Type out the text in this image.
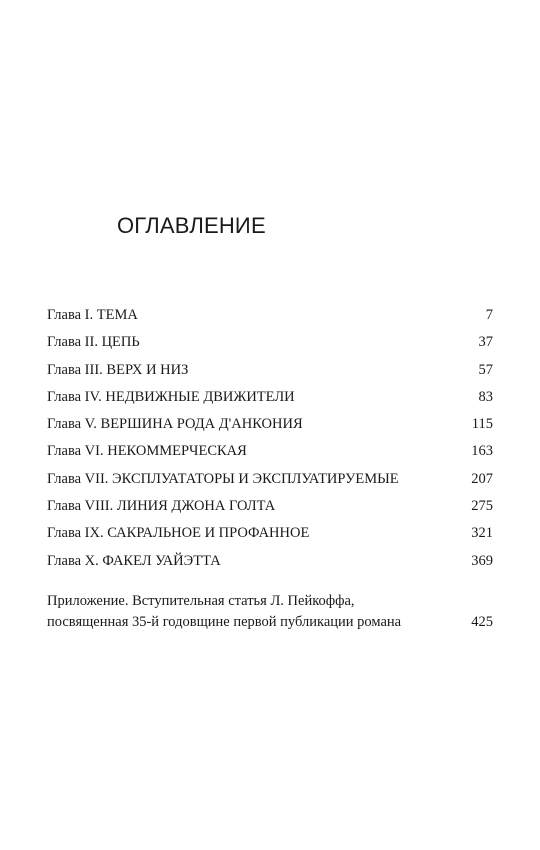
ОГЛАВЛЕНИЕ
Глава I. ТЕМА	7
Глава II. ЦЕПЬ	37
Глава III. ВЕРХ И НИЗ	57
Глава IV. НЕДВИЖНЫЕ ДВИЖИТЕЛИ	83
Глава V. ВЕРШИНА РОДА Д'АНКОНИЯ	115
Глава VI. НЕКОММЕРЧЕСКАЯ	163
Глава VII. ЭКСПЛУАТАТОРЫ И ЭКСПЛУАТИРУЕМЫЕ	207
Глава VIII. ЛИНИЯ ДЖОНА ГОЛТА	275
Глава IX. САКРАЛЬНОЕ И ПРОФАННОЕ	321
Глава X. ФАКЕЛ УАЙЭТТА	369
Приложение. Вступительная статья Л. Пейкоффа,
посвященная 35-й годовщине первой публикации романа	425
